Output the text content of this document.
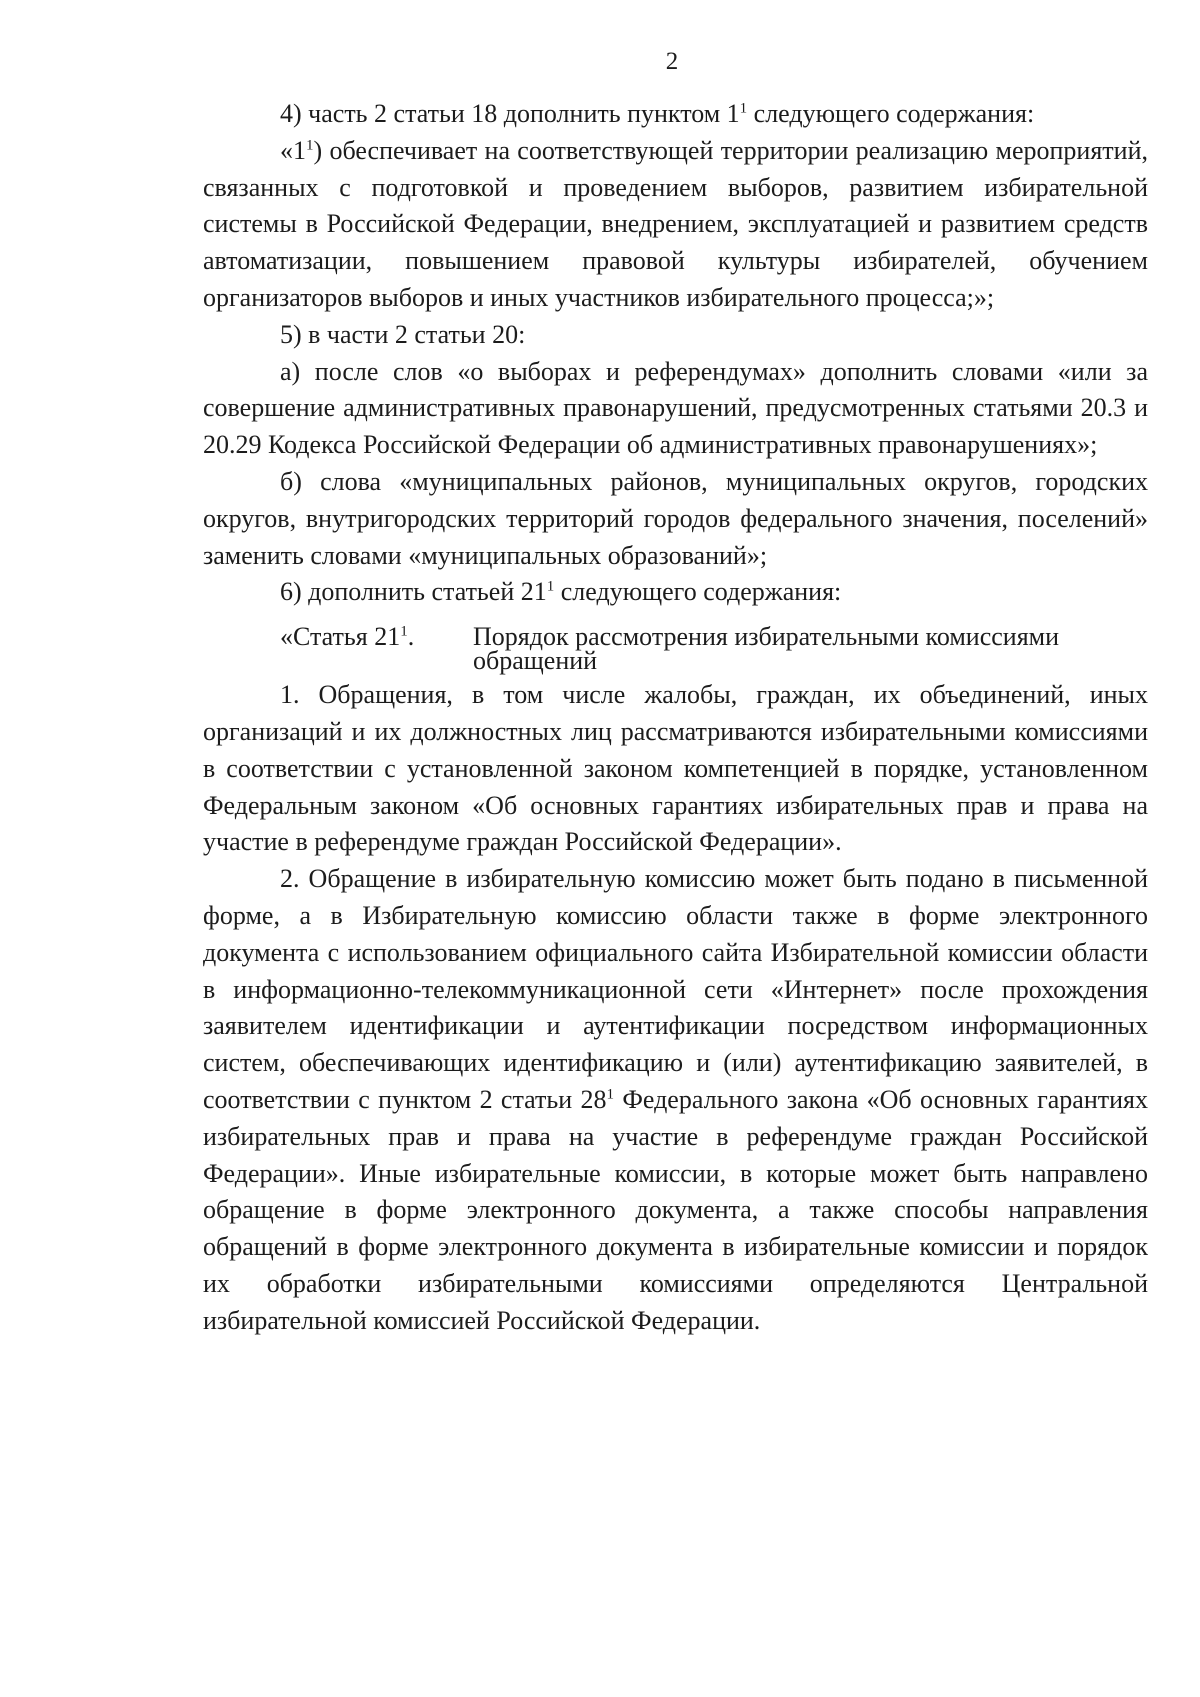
2

4) часть 2 статьи 18 дополнить пунктом $1^1$ следующего содержания:

«$1^1$) обеспечивает на соответствующей территории реализацию мероприятий, связанных с подготовкой и проведением выборов, развитием избирательной системы в Российской Федерации, внедрением, эксплуатацией и развитием средств автоматизации, повышением правовой культуры избирателей, обучением организаторов выборов и иных участников избирательного процесса;»;

5) в части 2 статьи 20:

а) после слов «о выборах и референдумах» дополнить словами «или за совершение административных правонарушений, предусмотренных статьями 20.3 и 20.29 Кодекса Российской Федерации об административных правонарушениях»;

б) слова «муниципальных районов, муниципальных округов, городских округов, внутригородских территорий городов федерального значения, поселений» заменить словами «муниципальных образований»;

6) дополнить статьей $21^1$ следующего содержания:

«Статья $21^1$.	Порядок рассмотрения избирательными комиссиями обращений

1. Обращения, в том числе жалобы, граждан, их объединений, иных организаций и их должностных лиц рассматриваются избирательными комиссиями в соответствии с установленной законом компетенцией в порядке, установленном Федеральным законом «Об основных гарантиях избирательных прав и права на участие в референдуме граждан Российской Федерации».

2. Обращение в избирательную комиссию может быть подано в письменной форме, а в Избирательную комиссию области также в форме электронного документа с использованием официального сайта Избирательной комиссии области в информационно-телекоммуникационной сети «Интернет» после прохождения заявителем идентификации и аутентификации посредством информационных систем, обеспечивающих идентификацию и (или) аутентификацию заявителей, в соответствии с пунктом 2 статьи $28^1$ Федерального закона «Об основных гарантиях избирательных прав и права на участие в референдуме граждан Российской Федерации». Иные избирательные комиссии, в которые может быть направлено обращение в форме электронного документа, а также способы направления обращений в форме электронного документа в избирательные комиссии и порядок их обработки избирательными комиссиями определяются Центральной избирательной комиссией Российской Федерации.
